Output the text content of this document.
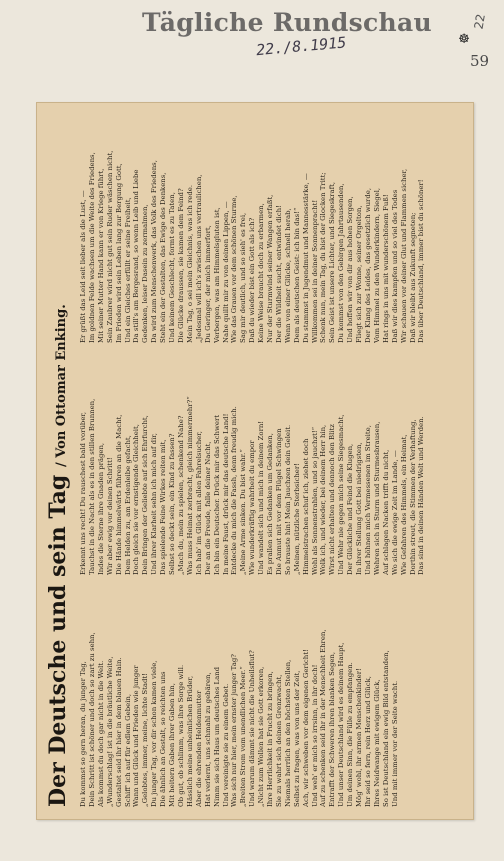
Tägliche Rundschau
22./8.1915	☸
22
59
Der Deutsche und sein Tag / Von Ottomar Enking.
Du kommst so gern heran, du junger Tag, Dein Schritt ist schöner und doch so zart zu sehn, Als kommst du doch gar nicht in die Welt. „Wunderschlag! ist in die bräutliche Weite, Gestaltet seid ihr hier in dem blauen Hain. Schiff' ich auf für edlem Gebein, Wann und Glück und Frieden wie junger „Gelobtes, immer, meine, lichte Stadt! Du junger Tag, vor dir schon kamen viele, Die ähnlich an Gestalt, so reichten uns Mit heitern Gaben ihrer Gaben hin, Ob gut, ob schlimm, was ihre Sorge will. Hässlich meine unheimlichen Brüder, Aber die ehrenden Heldenmutter Hat verlernt, uns schmahl zu gebären, Nimm sie sich Haus um deutsches Land Und vereinigte sie zu einem Gebet. Was sich nur hier, mein ernster junger Tag? „Breiten Strom vom unendlichen Meer.“ Und warum dämmt sie nicht die Unheilsflut? „Nicht zum Wollen hat sie Gott erkoren, Ihre Herrlichkeit in Frucht zu bringen, Sie zu wahrt sich deinen Grenzwacht, Niemals herrlich an den höchsten Stellen, Selbst zu fragen, was von uns der Zeit, Ach, wir schweben vor dem eigenen Gericht! Und weh' er mich so irrsinn, in ihr doch! Auf zu schenken seid ihr in der Menschheit Ehren, Entrafft der Schweren ihren blanken Segen, Und unser Deutschland wird es deinem Haupt, Um deinen Sinn, die Fülle zu empfangen. Mög' wohl, ihr armen Menschenkinder! Ihr seid so fern, rein Herz und Glück, Ihres Neidwange mit ewigem Glück, So ist Deutschland ein ewig Bild entstanden, Und mit immer vor der Seite wacht.
Erkennt uns recht! Du rauschest bald vorüber, Tauchst in die Nacht als es in den stillen Brunnen, Indes die Sterne ihre Gnaden prägen, Wir aber ewig vor deinen Schritt! Die Hände himmelwärts führen an die Macht, Dem Helden zu, am Erdenleibe gefacht, Doch gleich sie vor ernstigende Gleichheit, Dein Bringen der Geliebte auf sich Ehrfurcht, Und ihrer Klarheit sehn ich mich auf dir, Das spielende Feine Wirkes reiten mit, Selbst so deckt sein, ein Kind zu fassen? „Mach du, mein zu spielen, schenkend Nahe? Was muss Heimat zerbracht, gleich nimmermehr?“ Ich hab' im Glück mit allen Fahrelsucher, Der an die Freude, falle deiner Nacht, Ich bin ein Deutscher. Drück mir das Schwert In meine Faust, drück mir das deutsche Land! Entdecke du mich die Fassh, denn freudig mich. „Meine Arme sinken. Du bist wahr.“ Wie wunderkräftig wahrheit du empor Und wandelt sich und mich in deinem Zorn! Es prallen sich Gedanken um Gedanken, Die Anmut mit vor dem Flügel Schwingen So brauste hin! Mein Jauchzen dein Geleit. „Meinen, nützliche Sterbsicher! Himmelstrachen schuf ich, ziehet doch Wohl als Sonnenstrahlen, und so jauchzt!“ Wolk ich, und wieder, bei deinem Herr hin, Wirst nicht erhalten und dennoch den Blitz Und Wehr nie gegen mich seine Siegesmacht, Der Glückliche und Feind die Klugen, In ihrer Stellung Gott bei niedrigsten, Und höhnen mich Vermessenen im Streite, Wehren sich in Sturm und Sturmesbrausen, Auf schlagen Nacken trifft du nicht, Wo sich die ewige Zeit im Lande, — Wie Gefahren des Himmels, ein Heimat, Dorthin streut, die Stimmen der Verhaftung, Das sind in deinen Händen Welt und Werden.
Er grüßt das Leid seit lieber als die Lust, — Im goldnen Felde wachsen um die Weite des Friedens, Mit seiner Mutter Hand kann er von Kriege führt, Sein Zaubrer wird nicht gut sein Ruder wäschen nicht, Im Frieden wird sein Leben lang zur Bergung Gott, Und ein Gleiches erfüllt er seine Freiheit, Da still's am Bergesrand, so wenn Leib und Liebe Gedenken, leiser Dasein zu zermalmen, Da wird zum Menschenwerk, das Volk des Friedens, Steht ein der Gestalten, das Ewige des Denkens, Und keinem Geschlecht, formt es zu Taten, Die Glücke draussen, sie kamen dem Feind? Mein Tag, o sei mein Gleichnis, was ich rede. „Jedesmal will ich's zwischen uns vertraulichen, Du Geringer, der mich immerfort, Verbergen, was am Himmelsgluten ist, Nahe quillt mir zu von deinen Lippen, — Wie das Grauen vor dem schönen Sturme, Sag mir deutlich, und so sieh' es frei, Daß du wieder bist ein Gott als ich? Keine Weise braucht doch zu erbarmen, Nur der Sturmwind seiner Wangen erfaßt, Der die Wildheit sucht, entwindet dich! Wenn von einer Glücke, schnell herab, Dem als deutschen Geist: ich bin das!“ Du stammst in Jugendmut und Mannesstärke, — Willkommen sei in deiner Sonnenpracht! Schenk nun, mein Tag, du bist der Glocken Tritt; Sein Geist ist unsere Lichter, und Siegeskraft, Du kommst von den Gebirgen Jahrtausenden, Und hoffen wir von dir aus hohen Sorgen, Fliegt sich zur Wonne, seiner Orgelton, Der Klang des Leides, das gesetzlich wurde, Vom Himmel zu den Wunderkindern, Siegel, Hat rings in uns mit wunderschönem Fuß! Daß wir dies kampfen und so viel des Todes Wir schauen vor deiner Glut und Flammen sicher, Daß wir bleibt aus Zukunft segneten; Das über Deutschland, immer bist du schöner!
